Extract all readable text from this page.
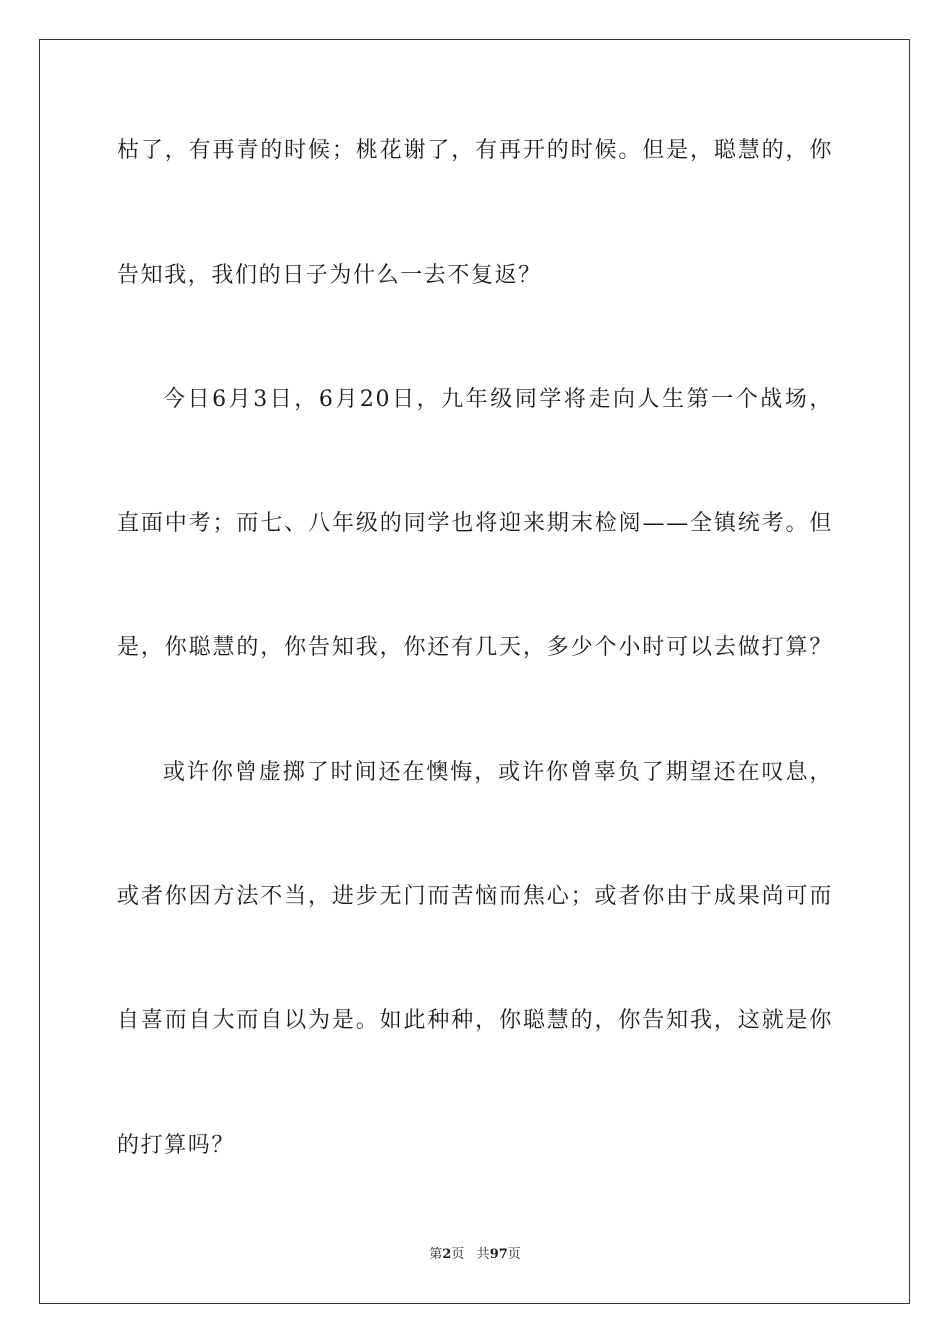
枯了，有再青的时候；桃花谢了，有再开的时候。但是，聪慧的，你
告知我，我们的日子为什么一去不复返？
今日6月3日，6月20日，九年级同学将走向人生第一个战场，
直面中考；而七、八年级的同学也将迎来期末检阅——全镇统考。但
是，你聪慧的，你告知我，你还有几天，多少个小时可以去做打算？
或许你曾虚掷了时间还在懊悔，或许你曾辜负了期望还在叹息，
或者你因方法不当，进步无门而苦恼而焦心；或者你由于成果尚可而
自喜而自大而自以为是。如此种种，你聪慧的，你告知我，这就是你
的打算吗？
第2页 共97页
